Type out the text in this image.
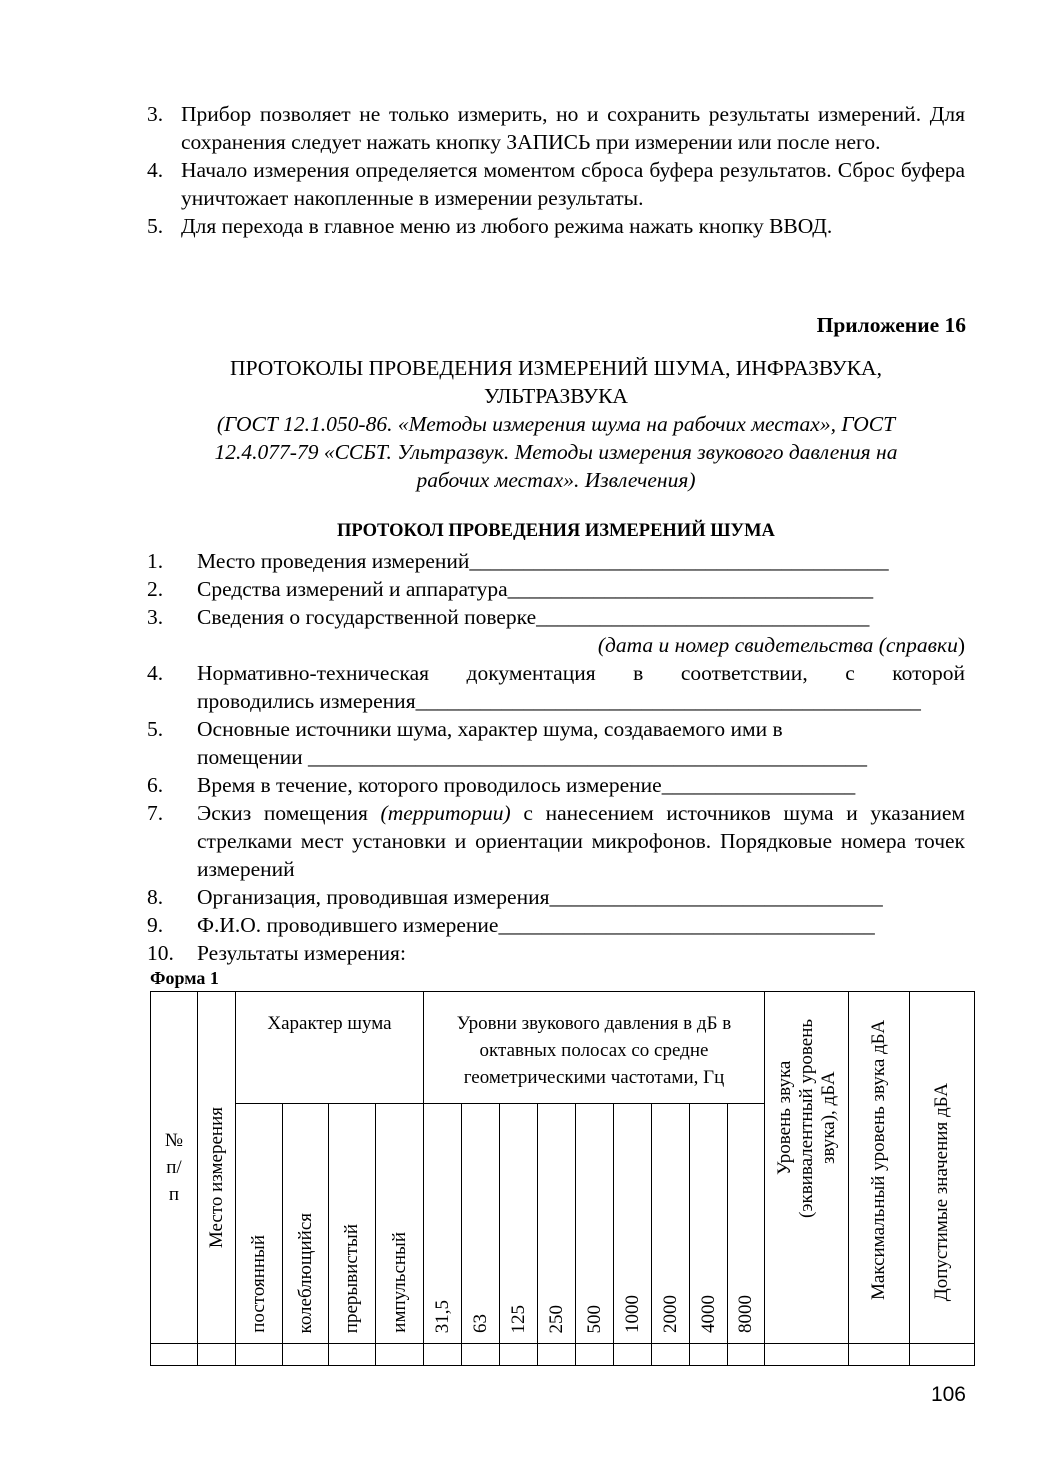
3. Прибор позволяет не только измерить, но и сохранить результаты измерений. Для сохранения следует нажать кнопку ЗАПИСЬ при измерении или после него.
4. Начало измерения определяется моментом сброса буфера результатов. Сброс буфера уничтожает накопленные в измерении результаты.
5. Для перехода в главное меню из любого режима нажать кнопку ВВОД.
Приложение 16
ПРОТОКОЛЫ ПРОВЕДЕНИЯ ИЗМЕРЕНИЙ ШУМА, ИНФРАЗВУКА,
УЛЬТРАЗВУКА
(ГОСТ 12.1.050-86. «Методы измерения шума на рабочих местах», ГОСТ
12.4.077-79 «ССБТ. Ультразвук. Методы измерения звукового давления на
рабочих местах». Извлечения)
ПРОТОКОЛ ПРОВЕДЕНИЯ ИЗМЕРЕНИЙ ШУМА
1.	Место проведения измерений_______________________________________
2.	Средства измерений и аппаратура__________________________________
3.	Сведения о государственной поверке_______________________________
(дата и номер свидетельства (справки)
4.	Нормативно-техническая документация в соответствии, с которой
проводились измерения_______________________________________________
5.	Основные источники шума, характер шума, создаваемого ими в
помещении ____________________________________________________
6.	Время в течение, которого проводилось измерение__________________
7.	Эскиз помещения (территории) с нанесением источников шума и указанием стрелками мест установки и ориентации микрофонов. Порядковые номера точек измерений
8.	Организация, проводившая измерения_______________________________
9.	Ф.И.О. проводившего измерение___________________________________
10.	Результаты измерения:
Форма 1
№ п/ п	Место измерения	Характер шума				Уровни звукового давления в дБ в октавных полосах со средне геометрическими частотами, Гц									Уровень звука (эквивалентный уровень звука), дБА	Максимальный уровень звука дБА	Допустимые значения дБА

		постоянный	колеблющийся	прерывистый	импульсный	31,5	63	125	250	500	1000	2000	4000	8000			

106
